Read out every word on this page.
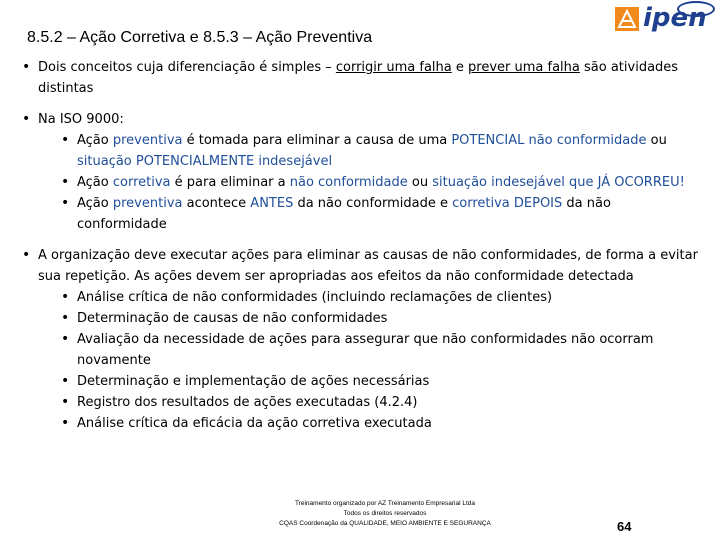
8.5.2 – Ação Corretiva e 8.5.3 – Ação Preventiva
ipen
• Dois conceitos cuja diferenciação é simples – corrigir uma falha e prever uma falha são atividades distintas
• Na ISO 9000:
• Ação preventiva é tomada para eliminar a causa de uma POTENCIAL não conformidade ou situação POTENCIALMENTE indesejável
• Ação corretiva é para eliminar a não conformidade ou situação indesejável que JÁ OCORREU!
• Ação preventiva acontece ANTES da não conformidade e corretiva DEPOIS da não conformidade
• A organização deve executar ações para eliminar as causas de não conformidades, de forma a evitar sua repetição. As ações devem ser apropriadas aos efeitos da não conformidade detectada
• Análise crítica de não conformidades (incluindo reclamações de clientes)
• Determinação de causas de não conformidades
• Avaliação da necessidade de ações para assegurar que não conformidades não ocorram novamente
• Determinação e implementação de ações necessárias
• Registro dos resultados de ações executadas (4.2.4)
• Análise crítica da eficácia da ação corretiva executada
Treinamento organizado por AZ Treinamento Empresarial Ltda
Todos os direitos reservados
CQAS Coordenação da QUALIDADE, MEIO AMBIENTE E SEGURANÇA	64
